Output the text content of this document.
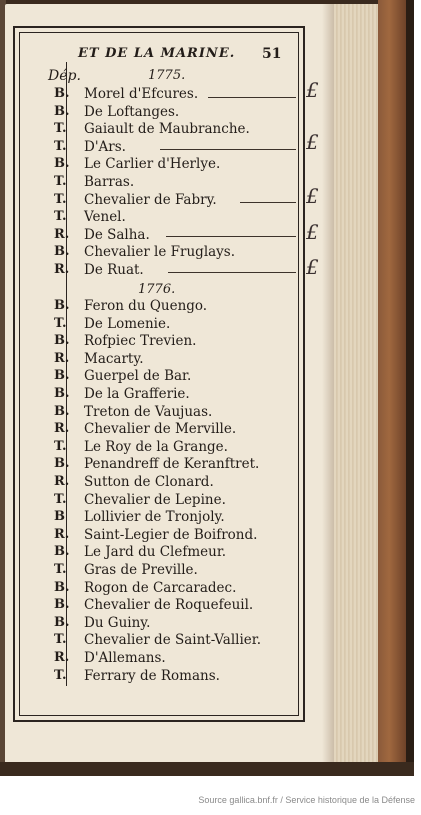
ET DE LA MARINE.	51
Dép.	1775.
1776.
B. Morel d'Efcures.
B. De Loftanges.
T. Gaiault de Maubranche.
T. D'Ars.
B. Le Carlier d'Herlye.
T. Barras.
T. Chevalier de Fabry.
T. Venel.
R. De Salha.
B. Chevalier le Fruglays.
R. De Ruat.
B. Feron du Quengo.
T. De Lomenie.
B. Rofpiec Trevien.
R. Macarty.
B. Guerpel de Bar.
B. De la Grafferie.
B. Treton de Vaujuas.
R. Chevalier de Merville.
T. Le Roy de la Grange.
B. Penandreff de Keranftret.
R. Sutton de Clonard.
T. Chevalier de Lepine.
B Lollivier de Tronjoly.
R. Saint-Legier de Boifrond.
B. Le Jard du Clefmeur.
T. Gras de Preville.
B. Rogon de Carcaradec.
B. Chevalier de Roquefeuil.
B. Du Guiny.
T. Chevalier de Saint-Vallier.
R. D'Allemans.
T. Ferrary de Romans.
£
£
£
£
£
Source gallica.bnf.fr / Service historique de la Défense
